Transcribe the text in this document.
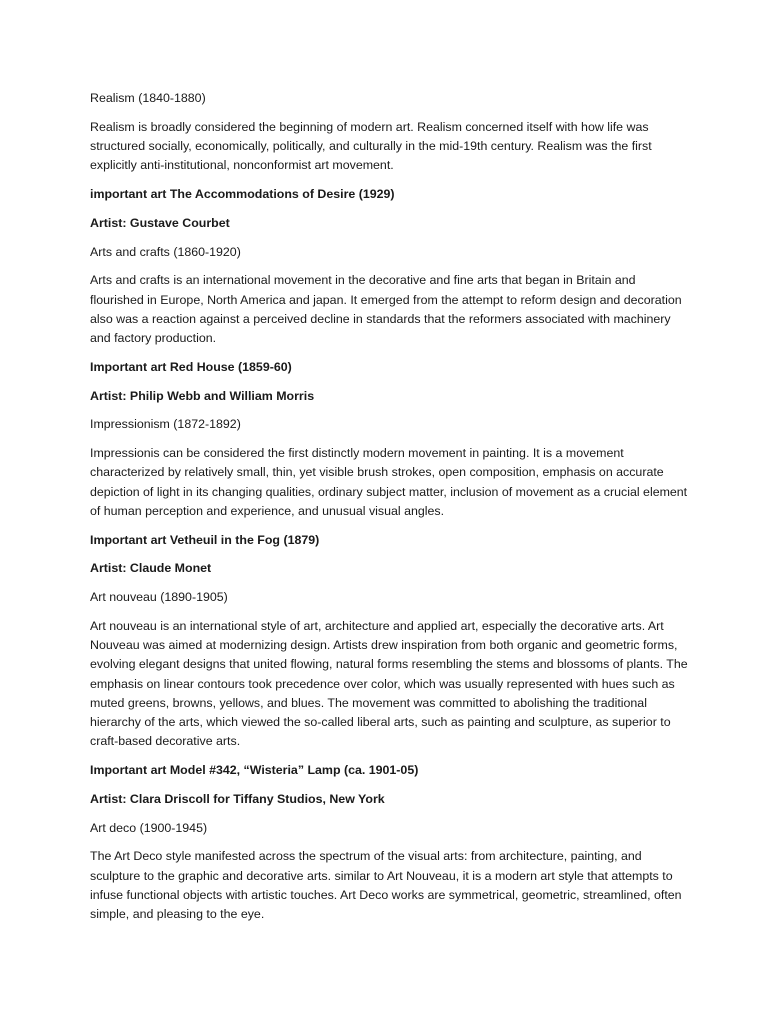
Realism (1840-1880)
Realism is broadly considered the beginning of modern art. Realism concerned itself with how life was structured socially, economically, politically, and culturally in the mid-19th century. Realism was the first explicitly anti-institutional, nonconformist art movement.
important art The Accommodations of Desire (1929)
Artist: Gustave Courbet
Arts and crafts (1860-1920)
Arts and crafts is an international movement in the decorative and fine arts that began in Britain and flourished in Europe, North America and japan. It emerged from the attempt to reform design and decoration also was a reaction against a perceived decline in standards that the reformers associated with machinery and factory production.
Important art Red House (1859-60)
Artist: Philip Webb and William Morris
Impressionism (1872-1892)
Impressionis can be considered the first distinctly modern movement in painting. It is a movement characterized by relatively small, thin, yet visible brush strokes, open composition, emphasis on accurate depiction of light in its changing qualities, ordinary subject matter, inclusion of movement as a crucial element of human perception and experience, and unusual visual angles.
Important art Vetheuil in the Fog (1879)
Artist: Claude Monet
Art nouveau (1890-1905)
Art nouveau is an international style of art, architecture and applied art, especially the decorative arts. Art Nouveau was aimed at modernizing design. Artists drew inspiration from both organic and geometric forms, evolving elegant designs that united flowing, natural forms resembling the stems and blossoms of plants. The emphasis on linear contours took precedence over color, which was usually represented with hues such as muted greens, browns, yellows, and blues. The movement was committed to abolishing the traditional hierarchy of the arts, which viewed the so-called liberal arts, such as painting and sculpture, as superior to craft-based decorative arts.
Important art Model #342, “Wisteria” Lamp (ca. 1901-05)
Artist: Clara Driscoll for Tiffany Studios, New York
Art deco (1900-1945)
The Art Deco style manifested across the spectrum of the visual arts: from architecture, painting, and sculpture to the graphic and decorative arts. similar to Art Nouveau, it is a modern art style that attempts to infuse functional objects with artistic touches. Art Deco works are symmetrical, geometric, streamlined, often simple, and pleasing to the eye.
